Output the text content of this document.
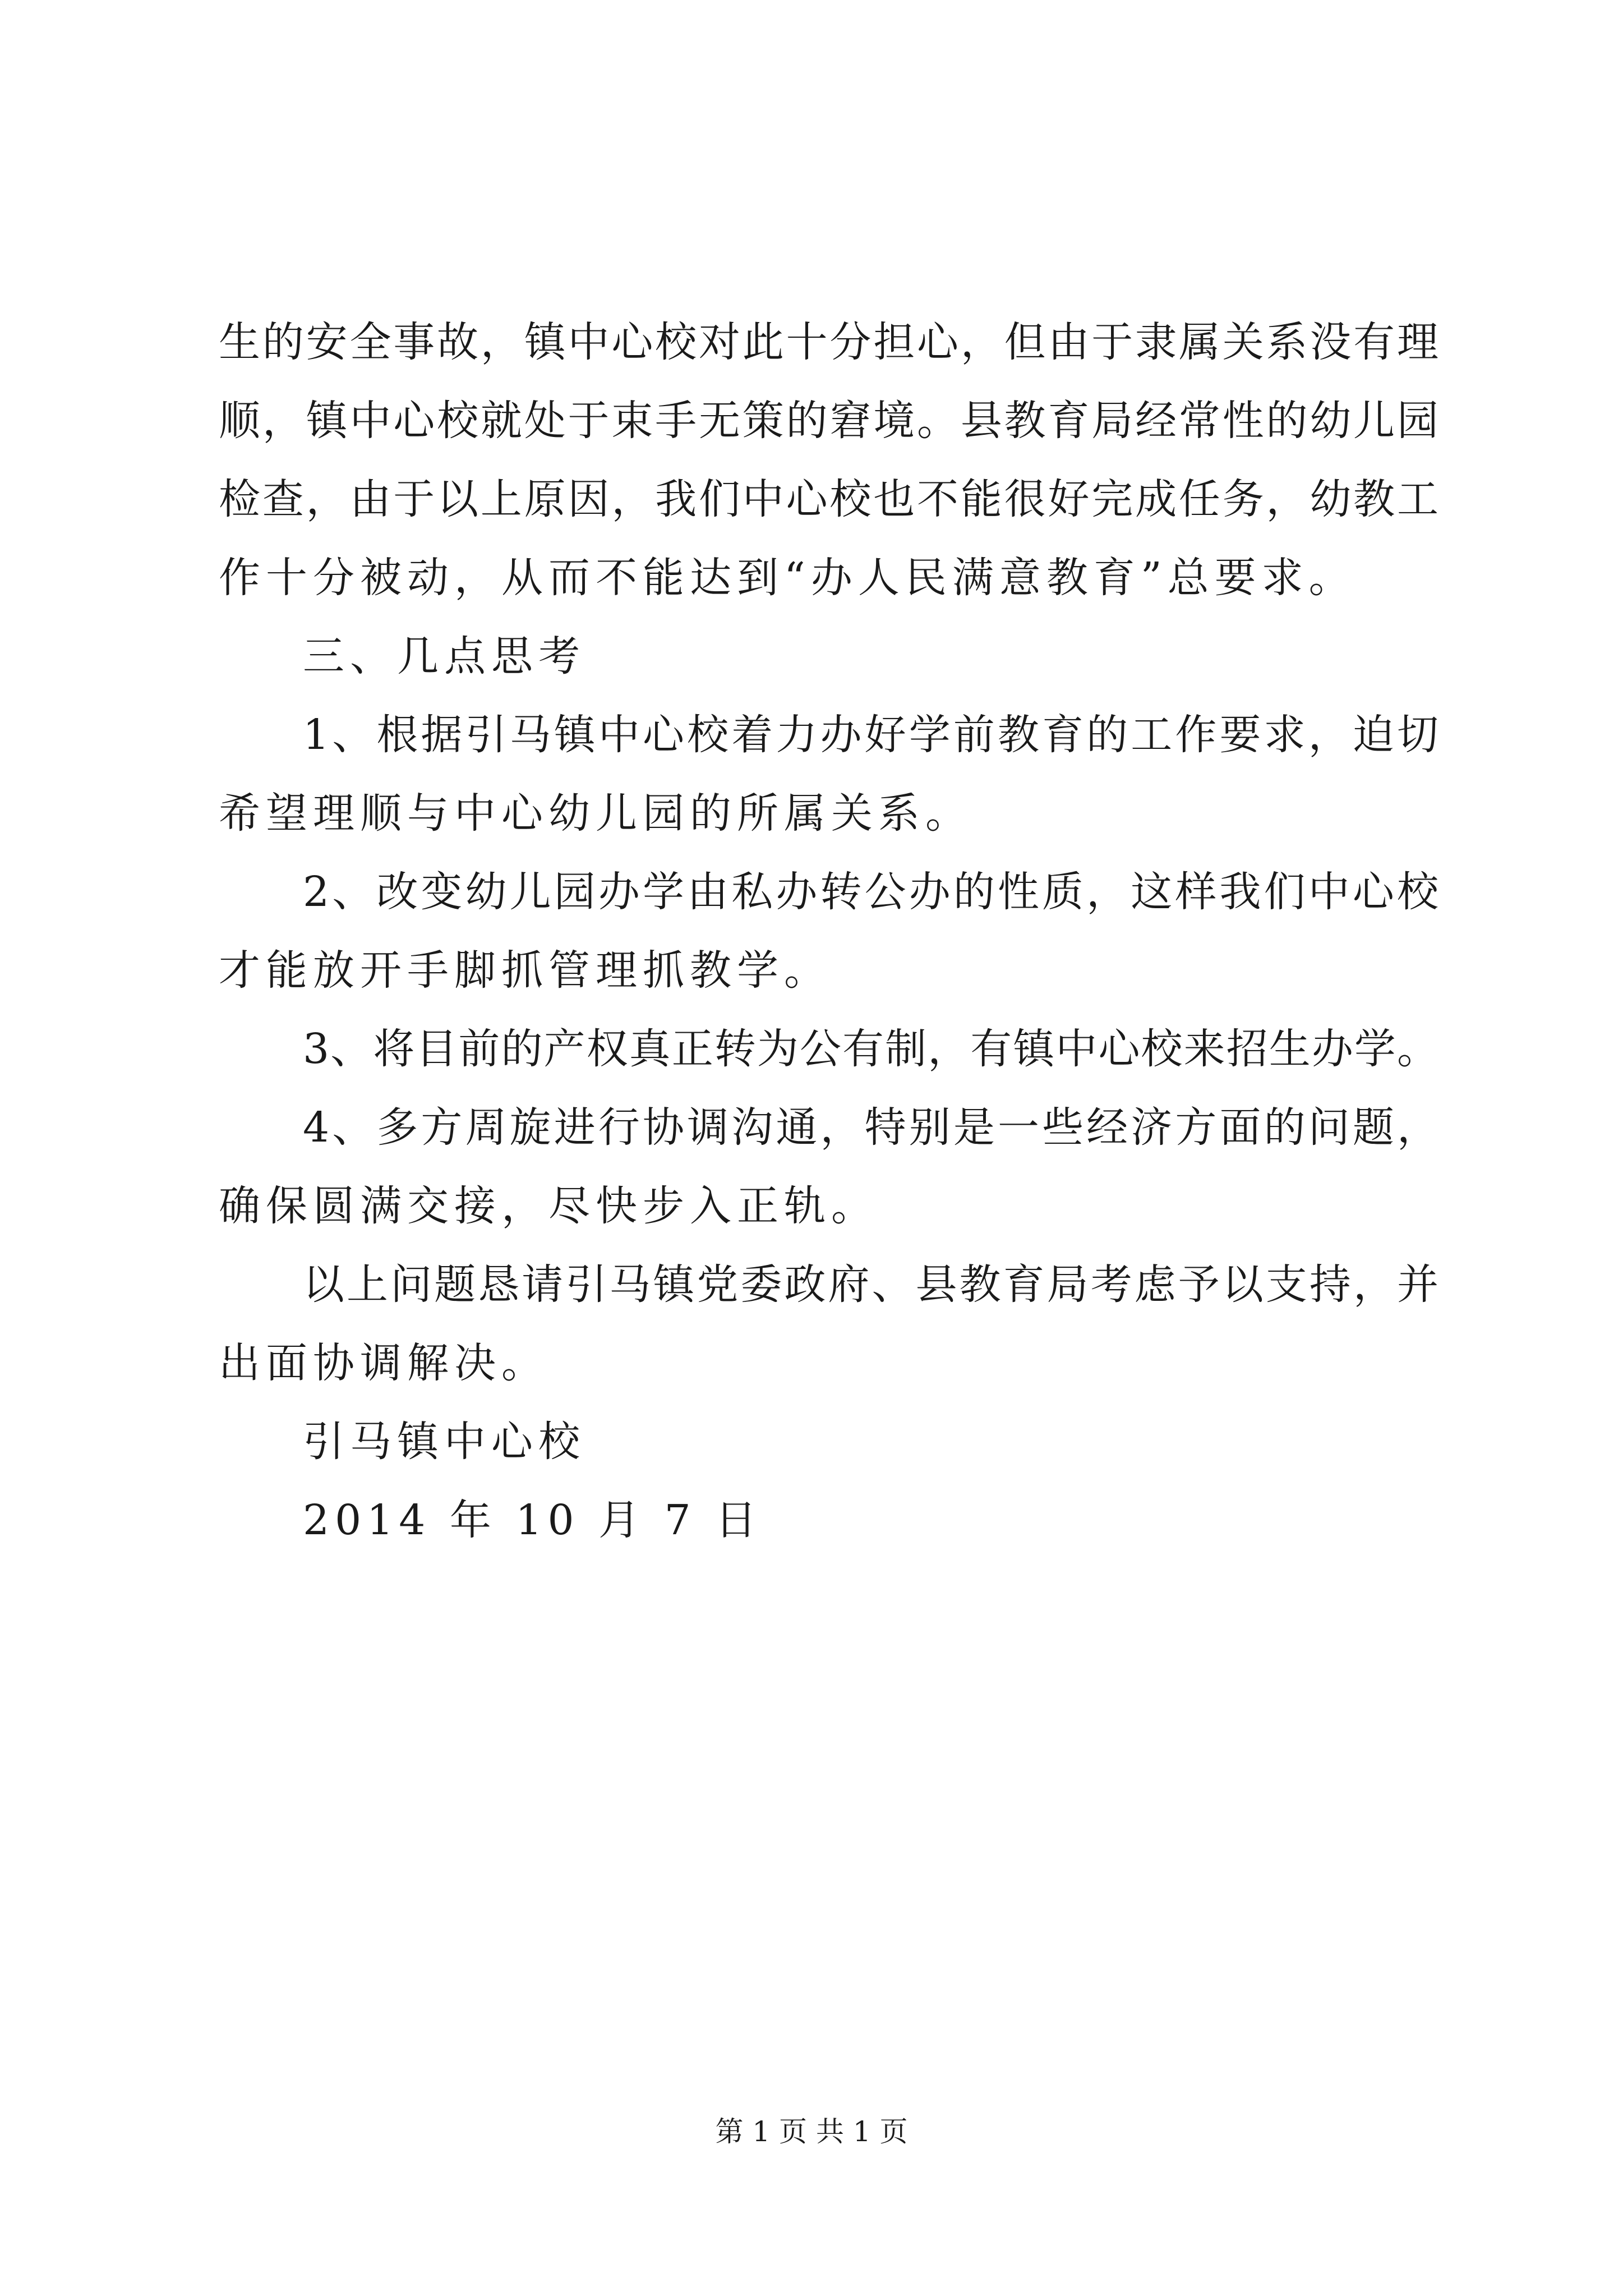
生的安全事故，镇中心校对此十分担心，但由于隶属关系没有理
顺，镇中心校就处于束手无策的窘境。县教育局经常性的幼儿园
检查，由于以上原因，我们中心校也不能很好完成任务，幼教工
作十分被动，从而不能达到“办人民满意教育”总要求。
三、几点思考
1、根据引马镇中心校着力办好学前教育的工作要求，迫切
希望理顺与中心幼儿园的所属关系。
2、改变幼儿园办学由私办转公办的性质，这样我们中心校
才能放开手脚抓管理抓教学。
3、将目前的产权真正转为公有制，有镇中心校来招生办学。
4、多方周旋进行协调沟通，特别是一些经济方面的问题，
确保圆满交接，尽快步入正轨。
以上问题恳请引马镇党委政府、县教育局考虑予以支持，并
出面协调解决。
引马镇中心校
2014 年 10 月 7 日
第 1 页 共 1 页
